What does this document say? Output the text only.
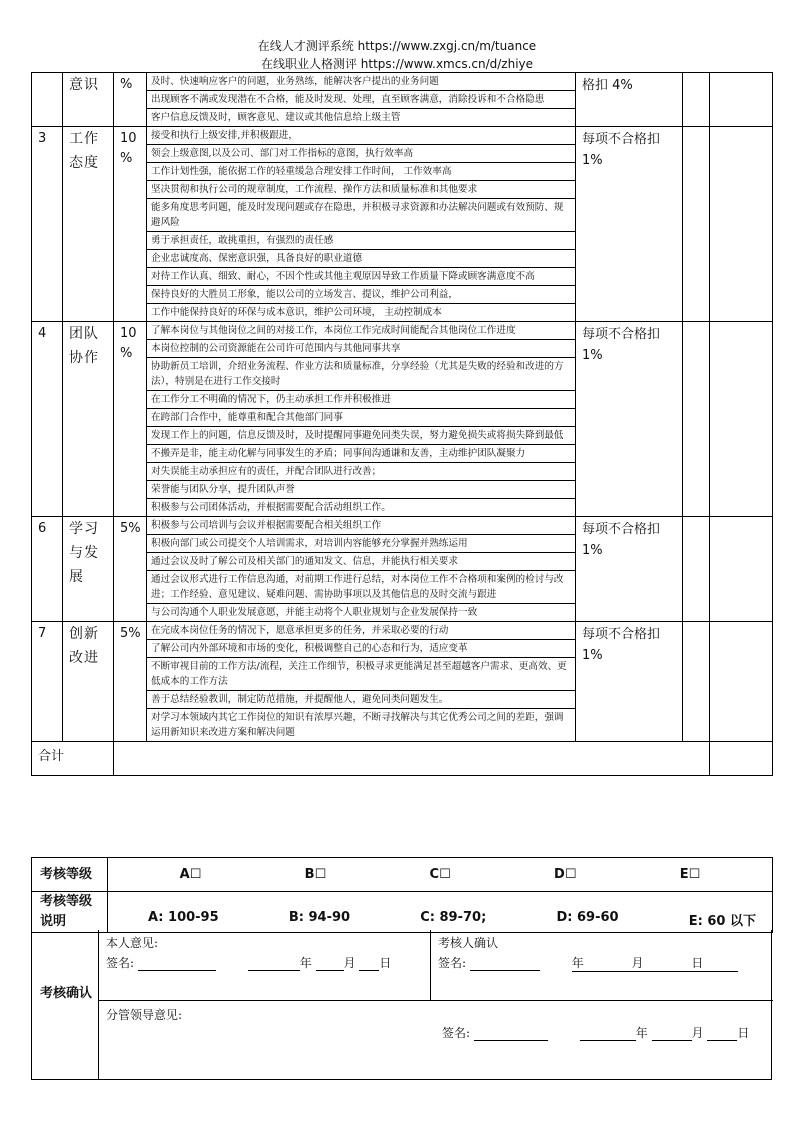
在线人才测评系统 https://www.zxgj.cn/m/tuance
在线职业人格测评 https://www.xmcs.cn/d/zhiye
	意识	%	及时、快速响应客户的问题，业务熟练，能解决客户提出的业务问题	格扣 4%		
			出现顾客不满或发现潜在不合格，能及时发现、处理，直至顾客满意，消除投诉和不合格隐患			
			客户信息反馈及时，顾客意见、建议或其他信息给上级主管			
3	工作态度	10 %	接受和执行上级安排,并积极跟进，	每项不合格扣 1%		
			领会上级意图,以及公司、部门对工作指标的意图，执行效率高			
			工作计划性强，能依据工作的轻重缓急合理安排工作时间， 工作效率高			
			坚决贯彻和执行公司的规章制度，工作流程、操作方法和质量标准和其他要求			
			能多角度思考问题，能及时发现问题或存在隐患，并积极寻求资源和办法解决问题或有效预防、规避风险			
			勇于承担责任，敢挑重担，有强烈的责任感			
			企业忠诚度高、保密意识强，具备良好的职业道德			
			对待工作认真、细致、耐心，不因个性或其他主观原因导致工作质量下降或顾客满意度不高			
			保持良好的大胜员工形象，能以公司的立场发言、提议，维护公司利益，			
			工作中能保持良好的环保与成本意识，维护公司环境， 主动控制成本			
4	团队协作	10 %	了解本岗位与其他岗位之间的对接工作，本岗位工作完成时间能配合其他岗位工作进度	每项不合格扣 1%		
			本岗位控制的公司资源能在公司许可范围内与其他同事共享			
			协助新员工培训，介绍业务流程、作业方法和质量标准，分享经验（尤其是失败的经验和改进的方法），特别是在进行工作交接时			
			在工作分工不明确的情况下，仍主动承担工作并积极推进			
			在跨部门合作中，能尊重和配合其他部门同事			
			发现工作上的问题，信息反馈及时，及时提醒同事避免同类失误，努力避免损失或将损失降到最低			
			不搬弄是非，能主动化解与同事发生的矛盾；同事间沟通谦和友善，主动维护团队凝聚力			
			对失误能主动承担应有的责任，并配合团队进行改善；			
			荣誉能与团队分享，提升团队声誉			
			积极参与公司团体活动，并根据需要配合活动组织工作。			
6	学习与发展	5%	积极参与公司培训与会议并根据需要配合相关组织工作	每项不合格扣 1%		
			积极向部门或公司提交个人培训需求，对培训内容能够充分掌握并熟练运用			
			通过会议及时了解公司及相关部门的通知发文、信息，并能执行相关要求			
			通过会议形式进行工作信息沟通，对前期工作进行总结，对本岗位工作不合格项和案例的检讨与改进；工作经验、意见建议、疑难问题、需协助事项以及其他信息的及时交流与跟进			
			与公司沟通个人职业发展意愿，并能主动将个人职业规划与企业发展保持一致			
7	创新改进	5%	在完成本岗位任务的情况下，愿意承担更多的任务，并采取必要的行动	每项不合格扣 1%		
			了解公司内外部环境和市场的变化，积极调整自己的心态和行为，适应变革			
			不断审视目前的工作方法/流程，关注工作细节，积极寻求更能满足甚至超越客户需求、更高效、更低成本的工作方法			
			善于总结经验教训，制定防范措施，并提醒他人，避免同类问题发生。			
			对学习本领域内其它工作岗位的知识有浓厚兴趣，不断寻找解决与其它优秀公司之间的差距，强调运用新知识来改进方案和解决问题			
合计						
考核等级	A☐ B☐ C☐ D☐ E☐

考核等级说明	A: 100-95 B: 94-90 C: 89-70; D: 69-60 E: 60 以下
考核确认
本人意见:
签名:	年	月 日
考核人确认
签名:	年	月	日
分管领导意见:
签名:	年	月	日
